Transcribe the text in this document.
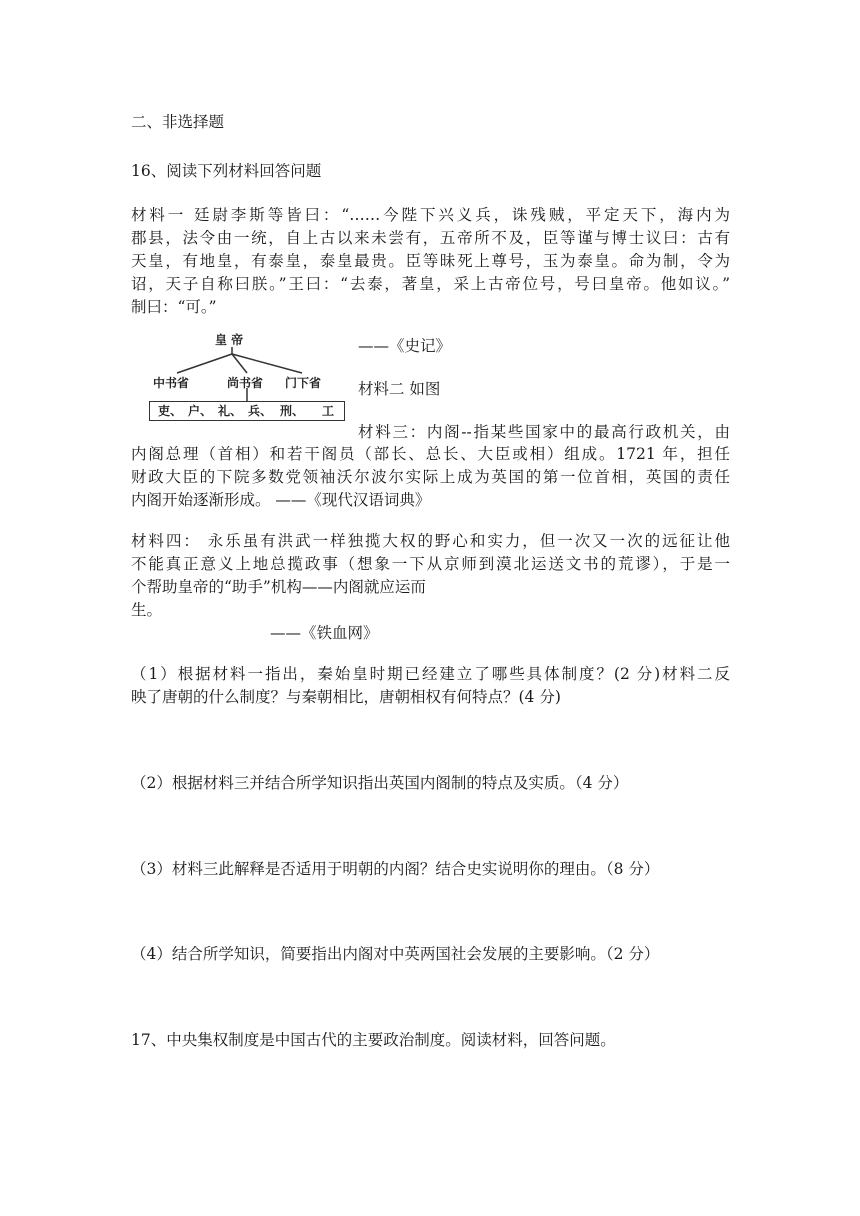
二、非选择题
16、阅读下列材料回答问题
材料一 廷尉李斯等皆曰：“……今陛下兴义兵，诛残贼，平定天下，海内为
郡县，法令由一统，自上古以来未尝有，五帝所不及，臣等谨与博士议曰：古有
天皇，有地皇，有泰皇，泰皇最贵。臣等昧死上尊号，玉为泰皇。命为制，令为
诏，天子自称曰朕。”王曰：“去泰，著皇，采上古帝位号，号曰皇帝。他如议。”
制曰：“可。”
皇 帝
中书省	尚书省 门下省
吏、 户、 礼、 兵、 刑、 工
——《史记》
材料二 如图
材料三：内阁--指某些国家中的最高行政机关，由
内阁总理（首相）和若干阁员（部长、总长、大臣或相）组成。1721 年，担任
财政大臣的下院多数党领袖沃尔波尔实际上成为英国的第一位首相，英国的责任
内阁开始逐渐形成。 ——《现代汉语词典》
材料四： 永乐虽有洪武一样独揽大权的野心和实力，但一次又一次的远征让他
不能真正意义上地总揽政事（想象一下从京师到漠北运送文书的荒谬），于是一
个帮助皇帝的“助手”机构——内阁就应运而
生。
——《铁血网》
（1）根据材料一指出，秦始皇时期已经建立了哪些具体制度？(2 分)材料二反
映了唐朝的什么制度？与秦朝相比，唐朝相权有何特点？(4 分)
（2）根据材料三并结合所学知识指出英国内阁制的特点及实质。（4 分）
（3）材料三此解释是否适用于明朝的内阁？结合史实说明你的理由。（8 分）
（4）结合所学知识，简要指出内阁对中英两国社会发展的主要影响。（2 分）
17、中央集权制度是中国古代的主要政治制度。阅读材料，回答问题。
